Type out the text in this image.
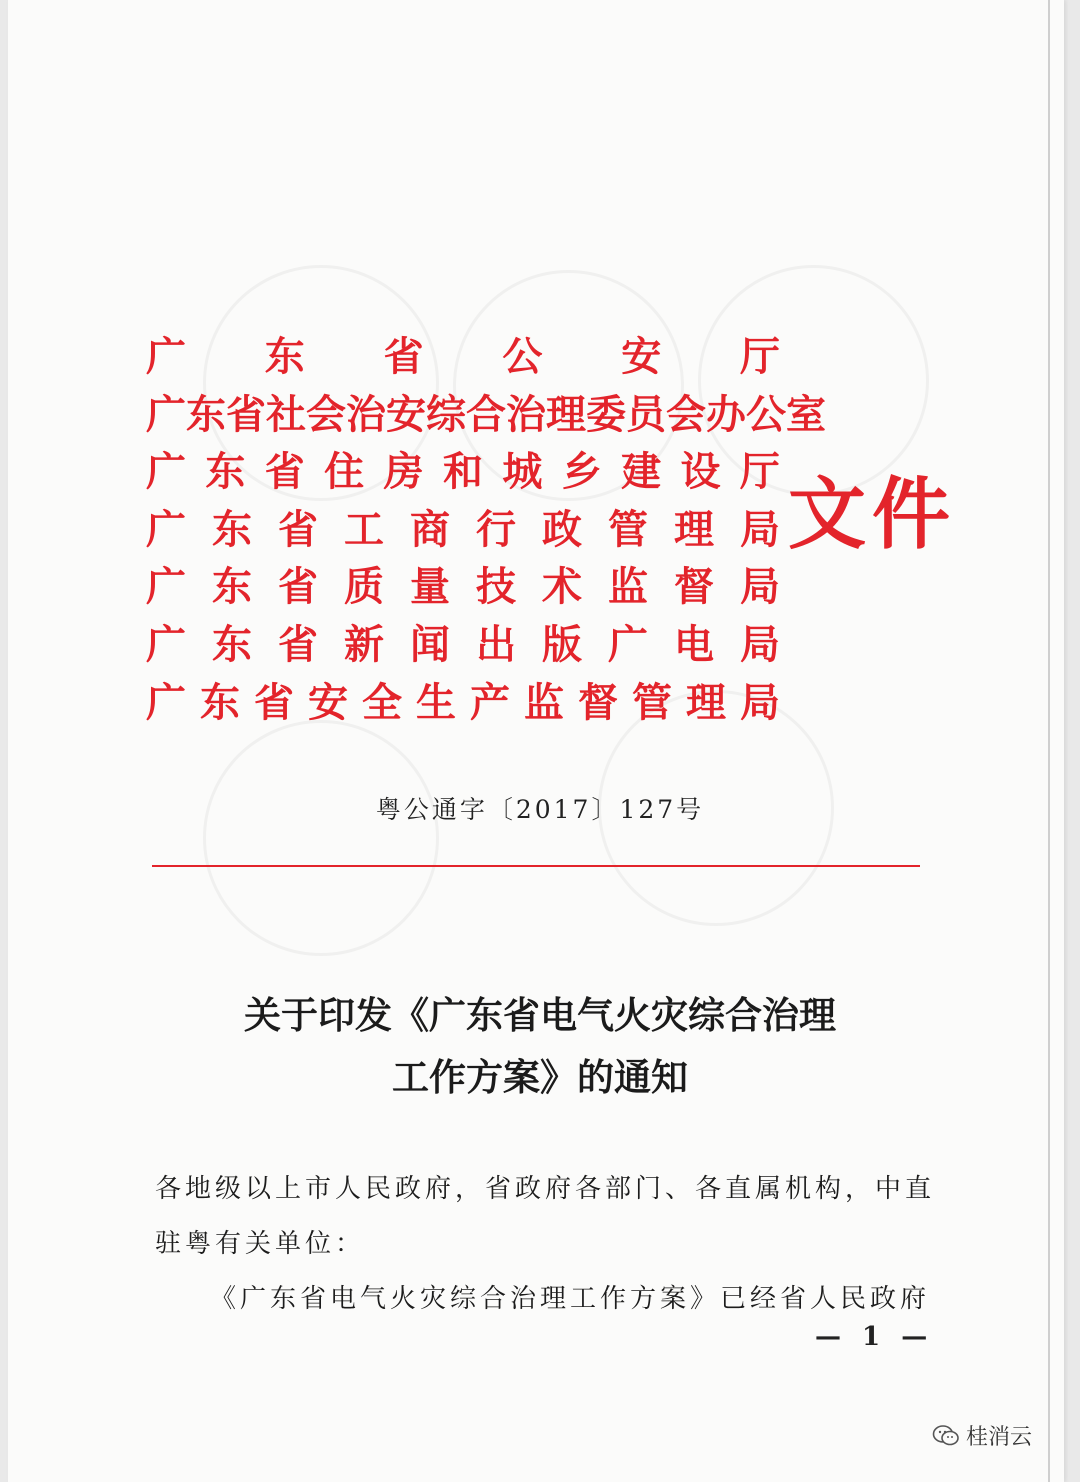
广 东 省 公 安 厅
广 东 省 社 会 治 安 综 合 治 理 委 员 会 办 公 室
广 东 省 住 房 和 城 乡 建 设 厅
广 东 省 工 商 行 政 管 理 局
广 东 省 质 量 技 术 监 督 局
广 东 省 新 闻 出 版 广 电 局
广 东 省 安 全 生 产 监 督 管 理 局
文件
粤公通字〔2017〕127号
关于印发《广东省电气火灾综合治理
工作方案》的通知
各地级以上市人民政府，省政府各部门、各直属机构，中直
驻粤有关单位：
《广东省电气火灾综合治理工作方案》已经省人民政府
— 1 —
桂消云
